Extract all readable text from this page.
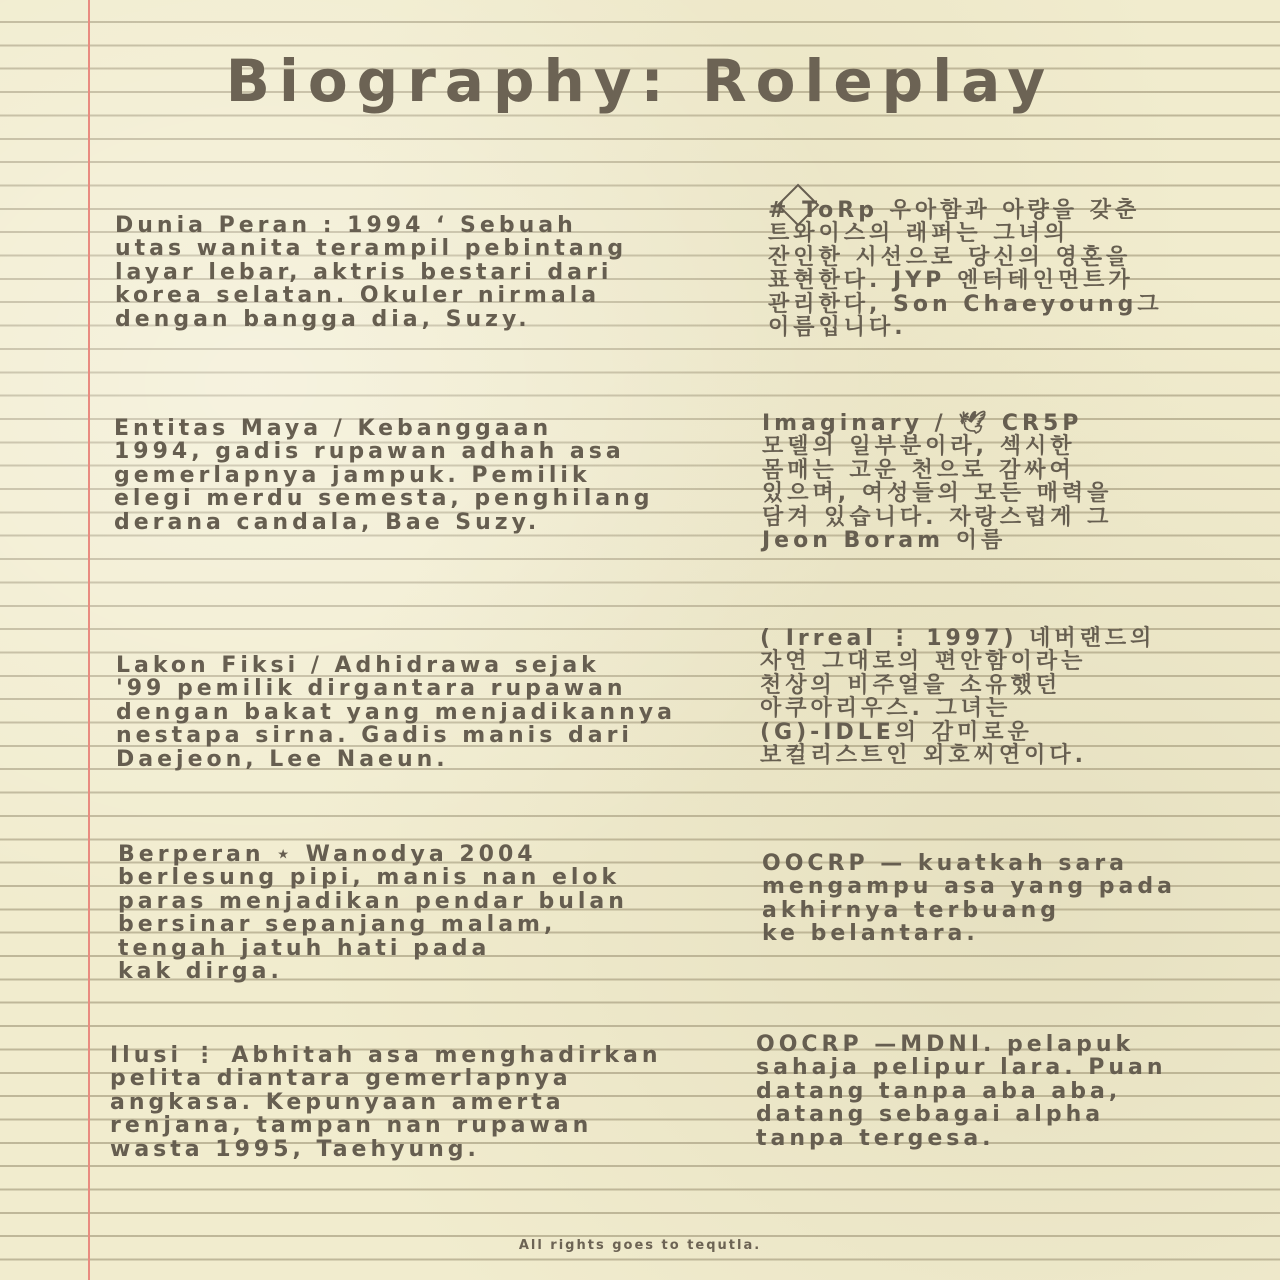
Biography: Roleplay
Dunia Peran : 1994 ‘ Sebuah
utas wanita terampil pebintang
layar lebar, aktris bestari dari
korea selatan. Okuler nirmala
dengan bangga dia, Suzy.
Entitas Maya / Kebanggaan
1994, gadis rupawan adhah asa
gemerlapnya jampuk. Pemilik
elegi merdu semesta, penghilang
derana candala, Bae Suzy.
Lakon Fiksi / Adhidrawa sejak
'99 pemilik dirgantara rupawan
dengan bakat yang menjadikannya
nestapa sirna. Gadis manis dari
Daejeon, Lee Naeun.
Berperan ⋆ Wanodya 2004
berlesung pipi, manis nan elok
paras menjadikan pendar bulan
bersinar sepanjang malam,
tengah jatuh hati pada
kak dirga.
Ilusi ⋮ Abhitah asa menghadirkan
pelita diantara gemerlapnya
angkasa. Kepunyaan amerta
renjana, tampan nan rupawan
wasta 1995, Taehyung.
# ToRp 우아함과 아량을 갖춘
트와이스의 래퍼는 그녀의
잔인한 시선으로 당신의 영혼을
표현한다. JYP 엔터테인먼트가
관리한다, Son Chaeyoung그
이름입니다.
Imaginary / 🕊 CR5P
모델의 일부분이라, 섹시한
몸매는 고운 천으로 감싸여
있으며, 여성들의 모든 매력을
담겨 있습니다. 자랑스럽게 그
Jeon Boram 이름
( Irreal ⋮ 1997) 네버랜드의
자연 그대로의 편안함이라는
천상의 비주얼을 소유했던
아쿠아리우스. 그녀는
(G)-IDLE의 감미로운
보컬리스트인 외호씨연이다.
OOCRP — kuatkah sara
mengampu asa yang pada
akhirnya terbuang
ke belantara.
OOCRP —MDNI. pelapuk
sahaja pelipur lara. Puan
datang tanpa aba aba,
datang sebagai alpha
tanpa tergesa.
All rights goes to tequtla.
